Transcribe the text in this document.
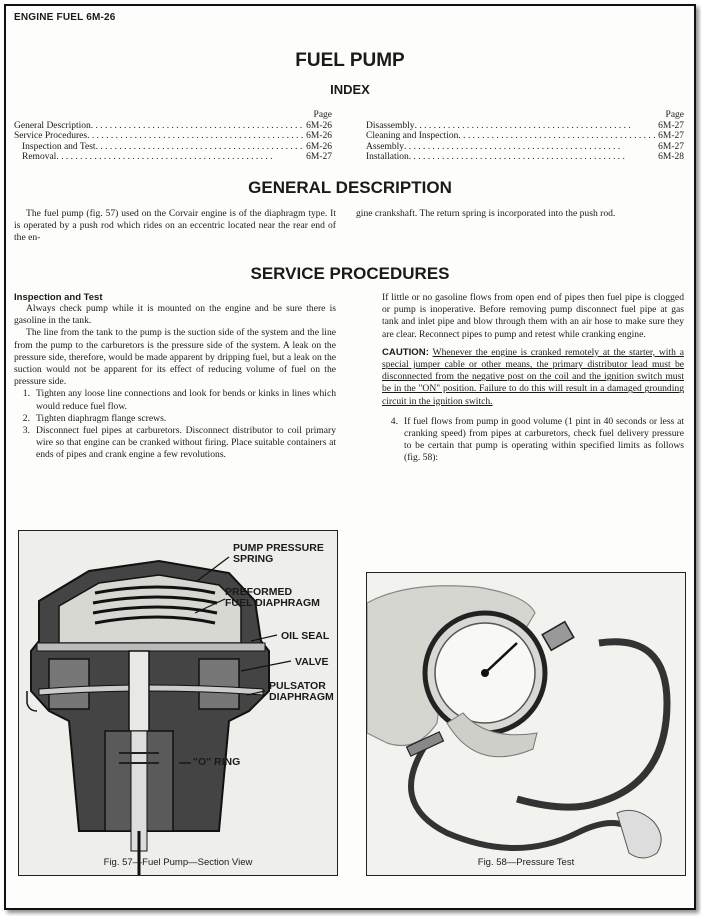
ENGINE FUEL 6M-26
FUEL PUMP
INDEX
Page
General Description . . .	6M-26
Service Procedures . . .	6M-26
Inspection and Test . . .	6M-26
Removal . . .	6M-27
Page
Disassembly . . .	6M-27
Cleaning and Inspection . . .	6M-27
Assembly . . .	6M-27
Installation . . .	6M-28
GENERAL DESCRIPTION

The fuel pump (fig. 57) used on the Corvair engine is of the diaphragm type. It is operated by a push rod which rides on an eccentric located near the rear end of the en-

gine crankshaft. The return spring is incorporated into the push rod.

SERVICE PROCEDURES
Inspection and Test

Always check pump while it is mounted on the engine and be sure there is gasoline in the tank.

The line from the tank to the pump is the suction side of the system and the line from the pump to the carburetors is the pressure side of the system. A leak on the pressure side, therefore, would be made apparent by dripping fuel, but a leak on the suction would not be apparent for its effect of reducing volume of fuel on the pressure side.

1. Tighten any loose line connections and look for bends or kinks in lines which would reduce fuel flow.
2. Tighten diaphragm flange screws.
3. Disconnect fuel pipes at carburetors. Disconnect distributor to coil primary wire so that engine can be cranked without firing. Place suitable containers at ends of pipes and crank engine a few revolutions.

If little or no gasoline flows from open end of pipes then fuel pipe is clogged or pump is inoperative. Before removing pump disconnect fuel pipe at gas tank and inlet pipe and blow through them with an air hose to make sure they are clear. Reconnect pipes to pump and retest while cranking engine.

CAUTION: Whenever the engine is cranked remotely at the starter, with a special jumper cable or other means, the primary distributor lead must be disconnected from the negative post on the coil and the ignition switch must be in the "ON" position. Failure to do this will result in a damaged grounding circuit in the ignition switch.

4. If fuel flows from pump in good volume (1 pint in 40 seconds or less at cranking speed) from pipes at carburetors, check fuel delivery pressure to be certain that pump is operating within specified limits as follows (fig. 58):
PUMP PRESSURE
SPRING
PREFORMED
FUEL DIAPHRAGM
OIL SEAL
VALVE
PULSATOR
DIAPHRAGM
"O" RING
Fig. 57—Fuel Pump—Section View	Fig. 58—Pressure Test
